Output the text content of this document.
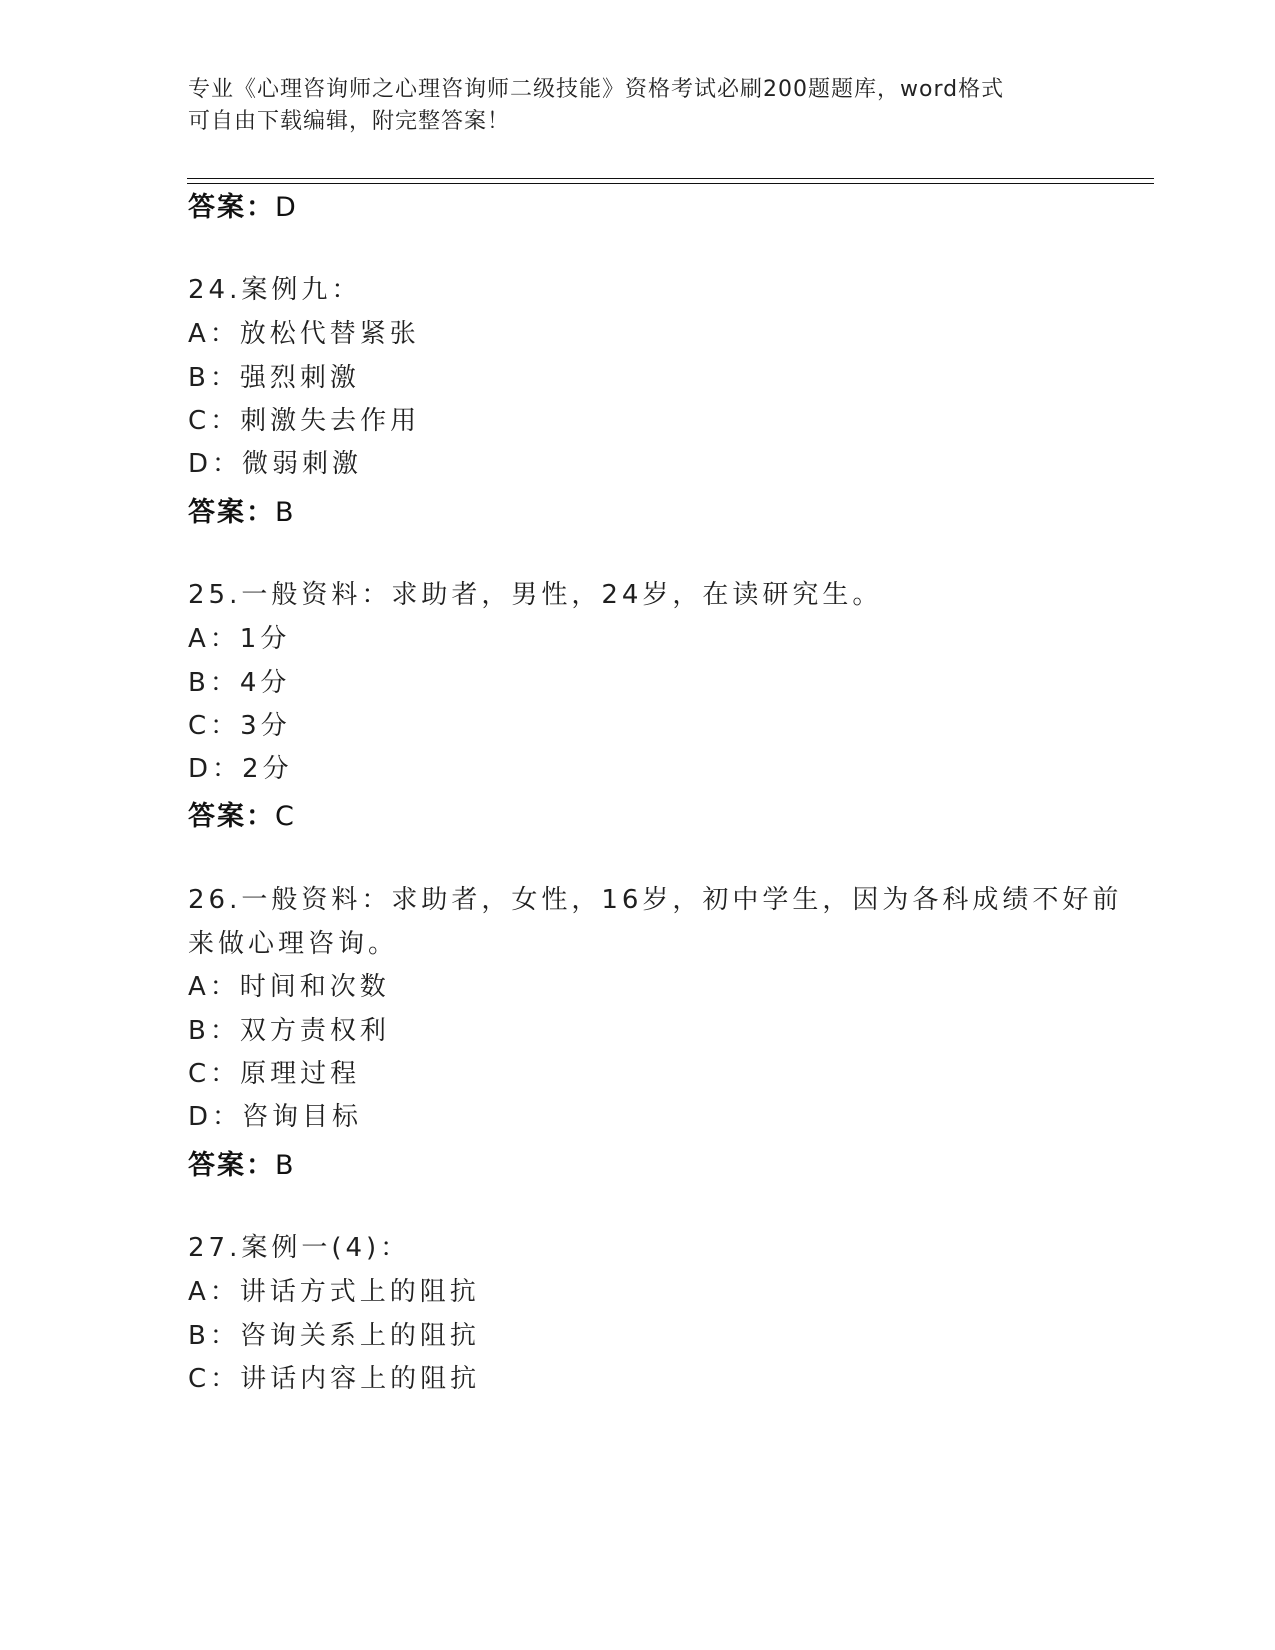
专业《心理咨询师之心理咨询师二级技能》资格考试必刷200题题库，word格式
可自由下载编辑，附完整答案！
答案：D
24.案例九：
A：放松代替紧张
B：强烈刺激
C：刺激失去作用
D：微弱刺激
答案：B
25.一般资料：求助者，男性，24岁，在读研究生。
A：1分
B：4分
C：3分
D：2分
答案：C
26.一般资料：求助者，女性，16岁，初中学生，因为各科成绩不好前
来做心理咨询。
A：时间和次数
B：双方责权利
C：原理过程
D：咨询目标
答案：B
27.案例一(4)：
A：讲话方式上的阻抗
B：咨询关系上的阻抗
C：讲话内容上的阻抗
